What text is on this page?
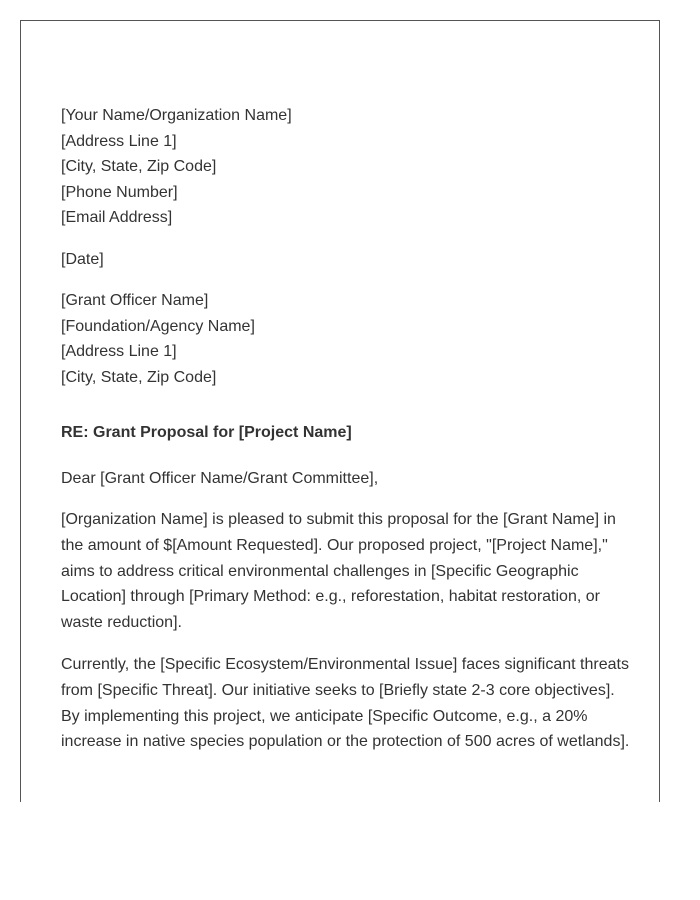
[Your Name/Organization Name]
[Address Line 1]
[City, State, Zip Code]
[Phone Number]
[Email Address]
[Date]
[Grant Officer Name]
[Foundation/Agency Name]
[Address Line 1]
[City, State, Zip Code]
RE: Grant Proposal for [Project Name]
Dear [Grant Officer Name/Grant Committee],

[Organization Name] is pleased to submit this proposal for the [Grant Name] in the amount of $[Amount Requested]. Our proposed project, "[Project Name]," aims to address critical environmental challenges in [Specific Geographic Location] through [Primary Method: e.g., reforestation, habitat restoration, or waste reduction].

Currently, the [Specific Ecosystem/Environmental Issue] faces significant threats from [Specific Threat]. Our initiative seeks to [Briefly state 2-3 core objectives]. By implementing this project, we anticipate [Specific Outcome, e.g., a 20% increase in native species population or the protection of 500 acres of wetlands].
